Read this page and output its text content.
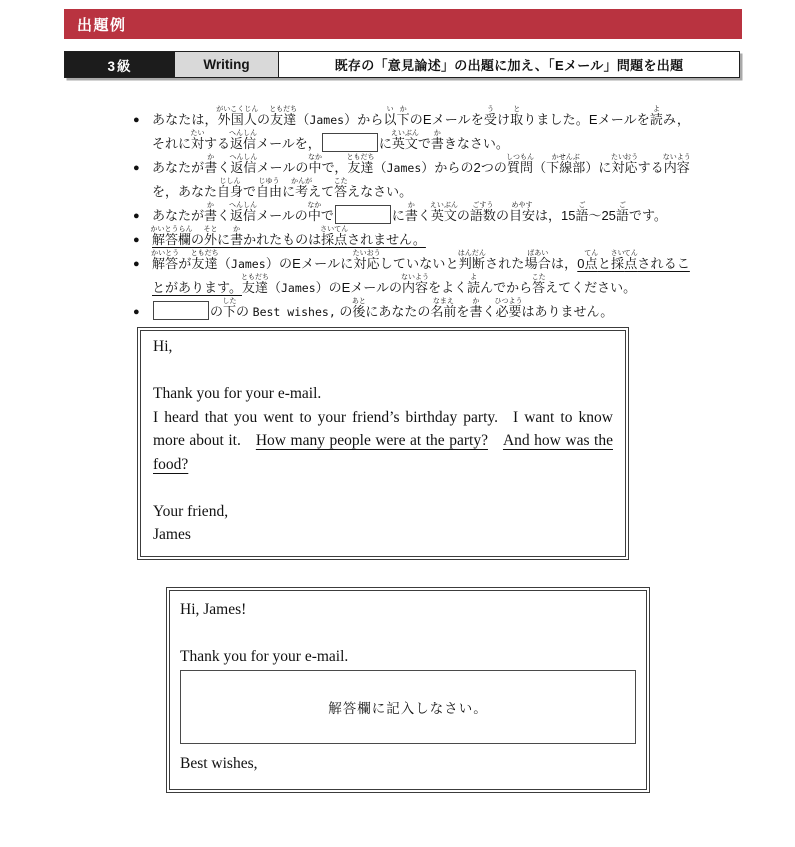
出題例
3級	Writing	既存の「意見論述」の出題に加え、「Eメール」問題を出題
● あなたは，外国人
がいこくじん
の友達
ともだち
（James）から以
い
下
か
のEメールを受
う
け取
と
りました。Eメールを読
よ
み，それに対
たい
する返信
へんしん
メールを，	に英文
えいぶん
で書
か
きなさい。
● あなたが書
か
く返信
へんしん
メールの中
なか
で，友達
ともだち
（James）からの2つの質問
しつもん
（下線部
かせんぶ
）に対
たい
応
おう
する内容
ないよう
を，あなた自身
じしん
で自由
じゆう
に考
かんが
えて答
こた
えなさい。
● あなたが書
か
く返信
へんしん
メールの中
なか
で	に書
か
く英文
えいぶん
の語数
ごすう
の目安
めやす
は，15語
ご
～25語
ご
です。
● 解答欄
かいとうらん
の外
そと
に書
か
かれたものは採点
さいてん
されません。
● 解答
かいとう
が友達
ともだち
（James）のEメールに対応
たいおう
していないと判断
はんだん
された場合
ばあい
は，0点
てん
と採
さい
点
てん
されることがあります。友達
ともだち
（James）のEメールの内容
ないよう
をよく読
よ
んでから答
こた
えてください。
●	の下
した
の Best wishes, の後
あと
にあなたの名前
なまえ
を書
か
く必要
ひつよう
はありません。
Hi,

Thank you for your e-mail.
I heard that you went to your friend’s birthday party. I want to know
more about it. How many people were at the party? And how was the
food?

Your friend,
James
Hi, James!

Thank you for your e-mail.
解答欄に記入しなさい。
Best wishes,
